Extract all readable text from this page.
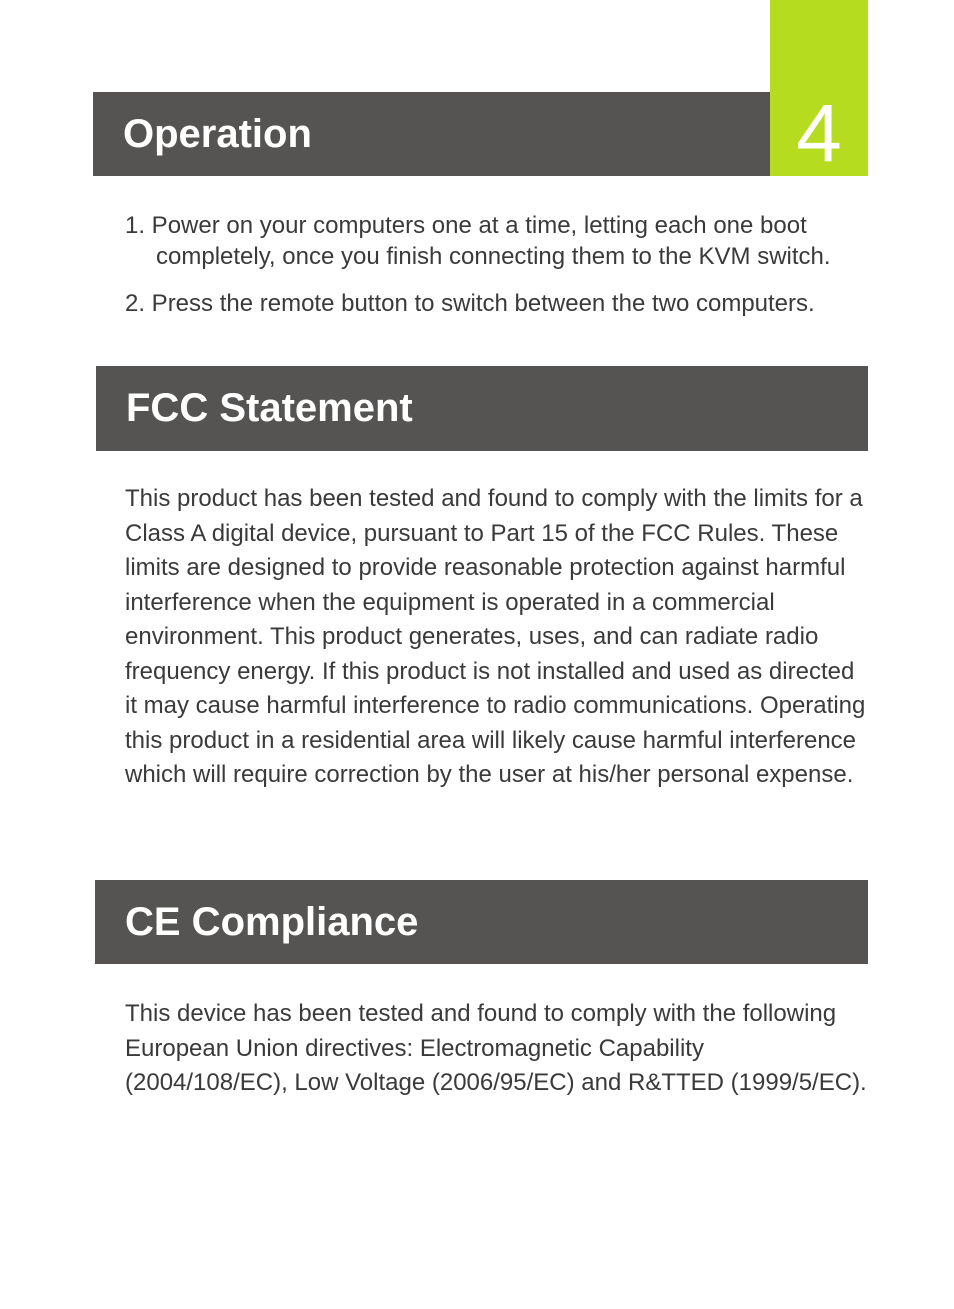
4
Operation
1. Power on your computers one at a time, letting each one boot completely, once you finish connecting them to the KVM switch.
2. Press the remote button to switch between the two computers.
FCC Statement

This product has been tested and found to comply with the limits for a Class A digital device, pursuant to Part 15 of the FCC Rules. These limits are designed to provide reasonable protection against harmful interference when the equipment is operated in a commercial environment. This product generates, uses, and can radiate radio frequency energy. If this product is not installed and used as directed it may cause harmful interference to radio communications. Operating this product in a residential area will likely cause harmful interference which will require correction by the user at his/her personal expense.

CE Compliance

This device has been tested and found to comply with the following European Union directives: Electromagnetic Capability (2004/108/EC), Low Voltage (2006/95/EC) and R&TTED (1999/5/EC).
